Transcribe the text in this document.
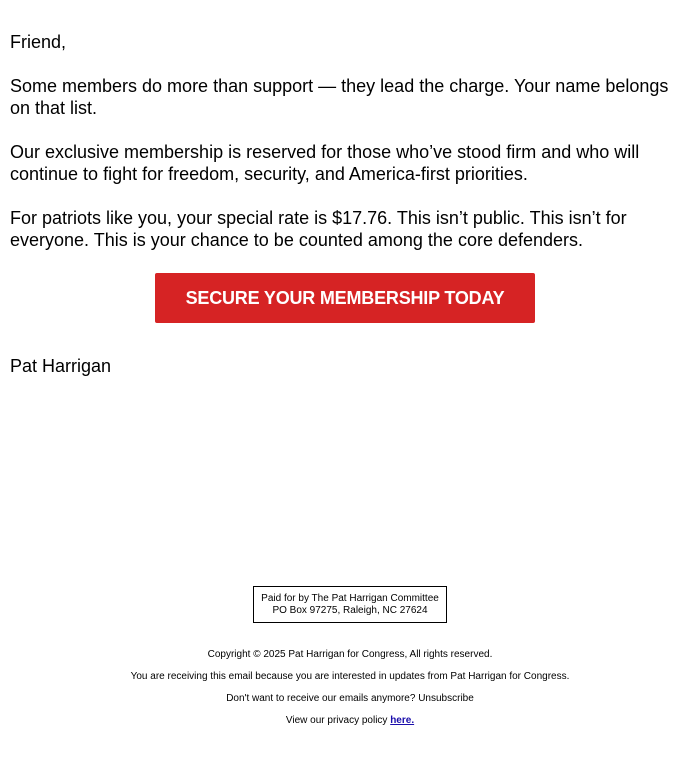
Friend,

Some members do more than support — they lead the charge. Your name belongs on that list.

Our exclusive membership is reserved for those who’ve stood firm and who will continue to fight for freedom, security, and America-first priorities.

For patriots like you, your special rate is $17.76. This isn’t public. This isn’t for everyone. This is your chance to be counted among the core defenders.

SECURE YOUR MEMBERSHIP TODAY

Pat Harrigan

Paid for by The Pat Harrigan Committee
PO Box 97275, Raleigh, NC 27624

Copyright © 2025 Pat Harrigan for Congress, All rights reserved.

You are receiving this email because you are interested in updates from Pat Harrigan for Congress.

Don't want to receive our emails anymore? Unsubscribe

View our privacy policy here.
